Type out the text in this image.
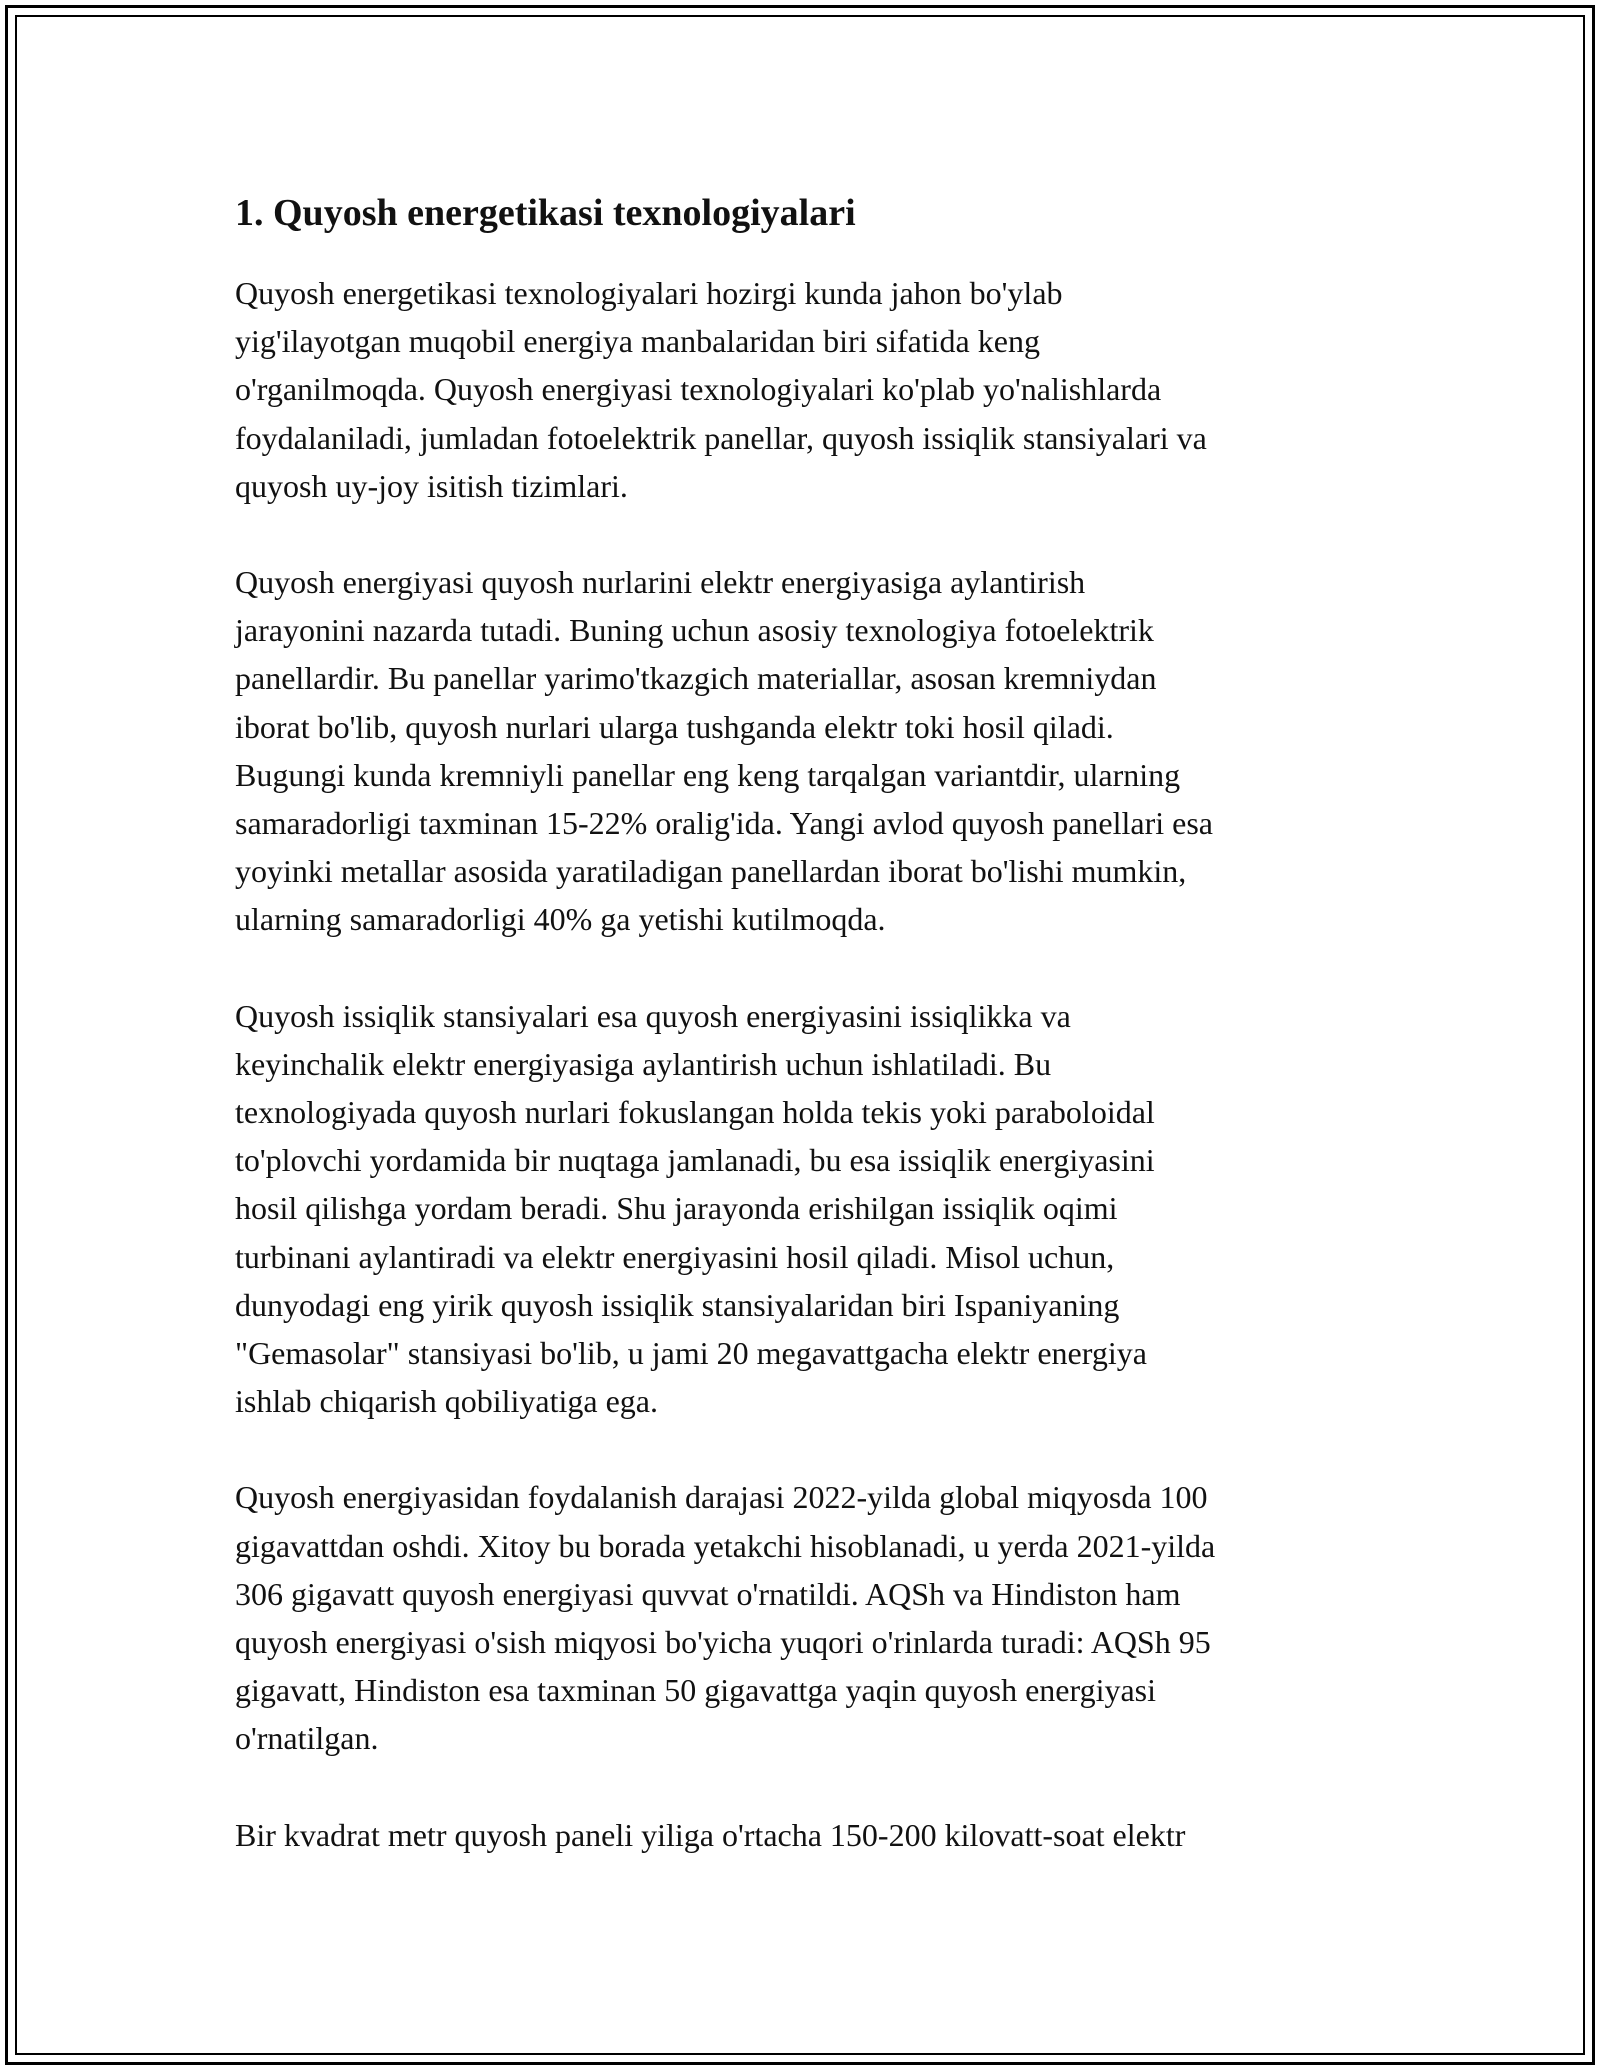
1. Quyosh energetikasi texnologiyalari

Quyosh energetikasi texnologiyalari hozirgi kunda jahon bo'ylab
yig'ilayotgan muqobil energiya manbalaridan biri sifatida keng
o'rganilmoqda. Quyosh energiyasi texnologiyalari ko'plab yo'nalishlarda
foydalaniladi, jumladan fotoelektrik panellar, quyosh issiqlik stansiyalari va
quyosh uy-joy isitish tizimlari.

Quyosh energiyasi quyosh nurlarini elektr energiyasiga aylantirish
jarayonini nazarda tutadi. Buning uchun asosiy texnologiya fotoelektrik
panellardir. Bu panellar yarimo'tkazgich materiallar, asosan kremniydan
iborat bo'lib, quyosh nurlari ularga tushganda elektr toki hosil qiladi.
Bugungi kunda kremniyli panellar eng keng tarqalgan variantdir, ularning
samaradorligi taxminan 15-22% oralig'ida. Yangi avlod quyosh panellari esa
yoyinki metallar asosida yaratiladigan panellardan iborat bo'lishi mumkin,
ularning samaradorligi 40% ga yetishi kutilmoqda.

Quyosh issiqlik stansiyalari esa quyosh energiyasini issiqlikka va
keyinchalik elektr energiyasiga aylantirish uchun ishlatiladi. Bu
texnologiyada quyosh nurlari fokuslangan holda tekis yoki paraboloidal
to'plovchi yordamida bir nuqtaga jamlanadi, bu esa issiqlik energiyasini
hosil qilishga yordam beradi. Shu jarayonda erishilgan issiqlik oqimi
turbinani aylantiradi va elektr energiyasini hosil qiladi. Misol uchun,
dunyodagi eng yirik quyosh issiqlik stansiyalaridan biri Ispaniyaning
"Gemasolar" stansiyasi bo'lib, u jami 20 megavattgacha elektr energiya
ishlab chiqarish qobiliyatiga ega.

Quyosh energiyasidan foydalanish darajasi 2022-yilda global miqyosda 100
gigavattdan oshdi. Xitoy bu borada yetakchi hisoblanadi, u yerda 2021-yilda
306 gigavatt quyosh energiyasi quvvat o'rnatildi. AQSh va Hindiston ham
quyosh energiyasi o'sish miqyosi bo'yicha yuqori o'rinlarda turadi: AQSh 95
gigavatt, Hindiston esa taxminan 50 gigavattga yaqin quyosh energiyasi
o'rnatilgan.

Bir kvadrat metr quyosh paneli yiliga o'rtacha 150-200 kilovatt-soat elektr
